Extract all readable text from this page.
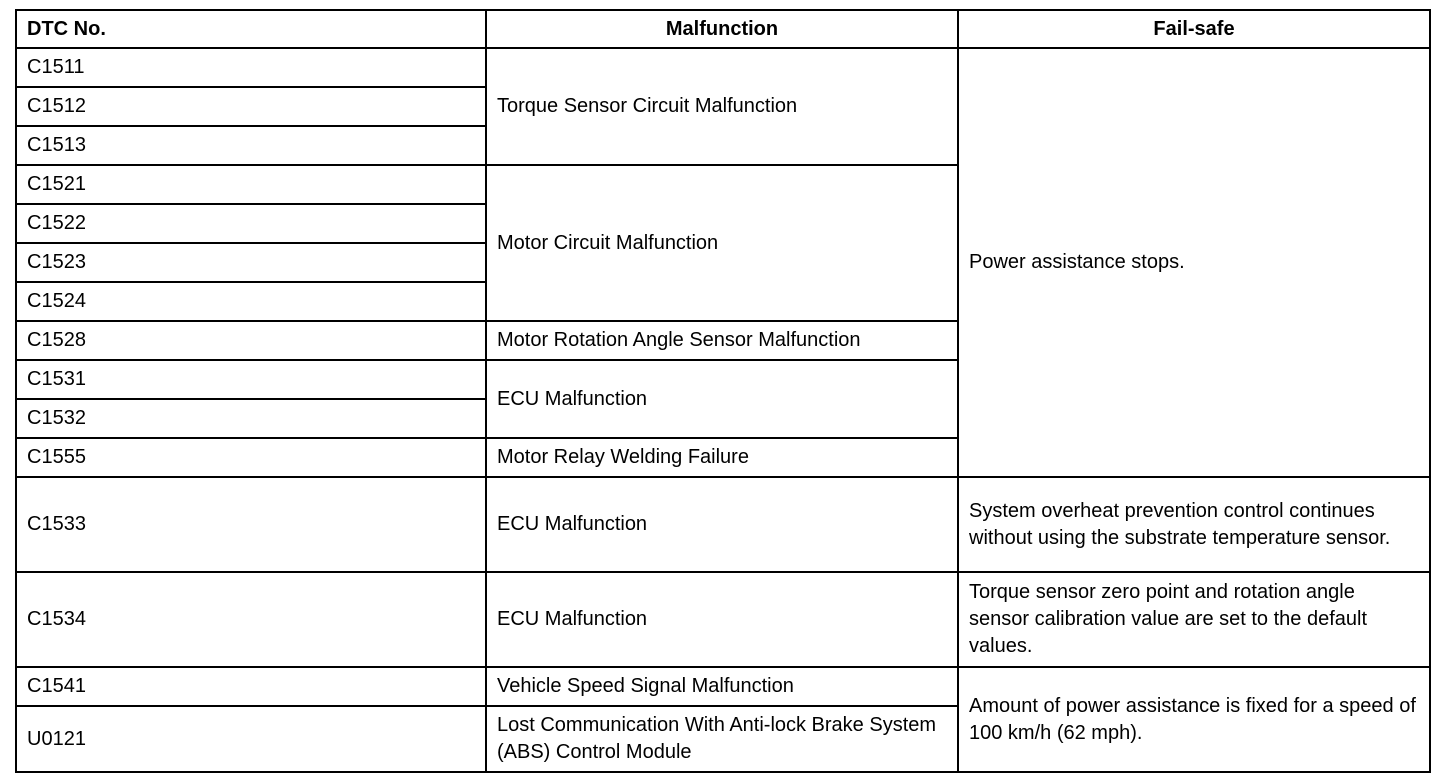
DTC No.	Malfunction	Fail-safe
C1511	Torque Sensor Circuit Malfunction	Power assistance stops.
C1512		
C1513		
C1521	Motor Circuit Malfunction	
C1522		
C1523		
C1524		
C1528	Motor Rotation Angle Sensor Malfunction	
C1531	ECU Malfunction	
C1532		
C1555	Motor Relay Welding Failure	
C1533	ECU Malfunction	System overheat prevention control continues without using the substrate temperature sensor.
C1534	ECU Malfunction	Torque sensor zero point and rotation angle sensor calibration value are set to the default values.
C1541	Vehicle Speed Signal Malfunction	Amount of power assistance is fixed for a speed of 100 km/h (62 mph).
U0121	Lost Communication With Anti-lock Brake System (ABS) Control Module	
